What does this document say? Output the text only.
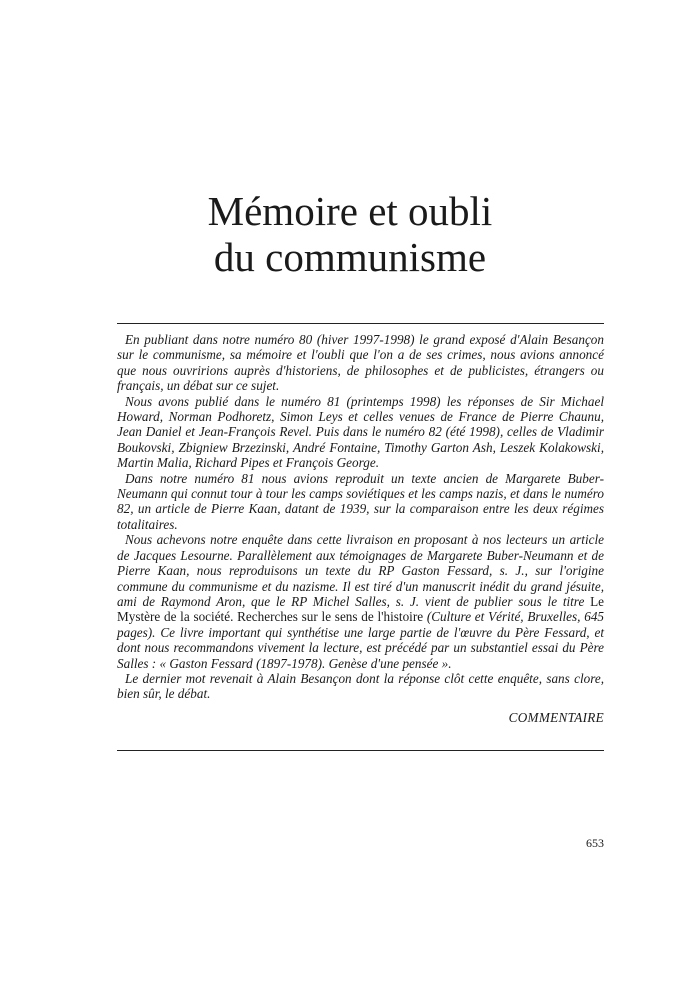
Mémoire et oubli
du communisme

En publiant dans notre numéro 80 (hiver 1997-1998) le grand exposé d'Alain Besançon sur le communisme, sa mémoire et l'oubli que l'on a de ses crimes, nous avions annoncé que nous ouvririons auprès d'historiens, de philosophes et de publicistes, étrangers ou français, un débat sur ce sujet.

Nous avons publié dans le numéro 81 (printemps 1998) les réponses de Sir Michael Howard, Norman Podhoretz, Simon Leys et celles venues de France de Pierre Chaunu, Jean Daniel et Jean-François Revel. Puis dans le numéro 82 (été 1998), celles de Vladimir Boukovski, Zbigniew Brzezinski, André Fontaine, Timothy Garton Ash, Leszek Kolakowski, Martin Malia, Richard Pipes et François George.

Dans notre numéro 81 nous avions reproduit un texte ancien de Margarete Buber-Neumann qui connut tour à tour les camps soviétiques et les camps nazis, et dans le numéro 82, un article de Pierre Kaan, datant de 1939, sur la comparaison entre les deux régimes totalitaires.

Nous achevons notre enquête dans cette livraison en proposant à nos lecteurs un article de Jacques Lesourne. Parallèlement aux témoignages de Margarete Buber-Neumann et de Pierre Kaan, nous reproduisons un texte du RP Gaston Fessard, s. J., sur l'origine commune du communisme et du nazisme. Il est tiré d'un manuscrit inédit du grand jésuite, ami de Raymond Aron, que le RP Michel Salles, s. J. vient de publier sous le titre Le Mystère de la société. Recherches sur le sens de l'histoire (Culture et Vérité, Bruxelles, 645 pages). Ce livre important qui synthétise une large partie de l'œuvre du Père Fessard, et dont nous recommandons vivement la lecture, est précédé par un substantiel essai du Père Salles : « Gaston Fessard (1897-1978). Genèse d'une pensée ».

Le dernier mot revenait à Alain Besançon dont la réponse clôt cette enquête, sans clore, bien sûr, le débat.

COMMENTAIRE
653
